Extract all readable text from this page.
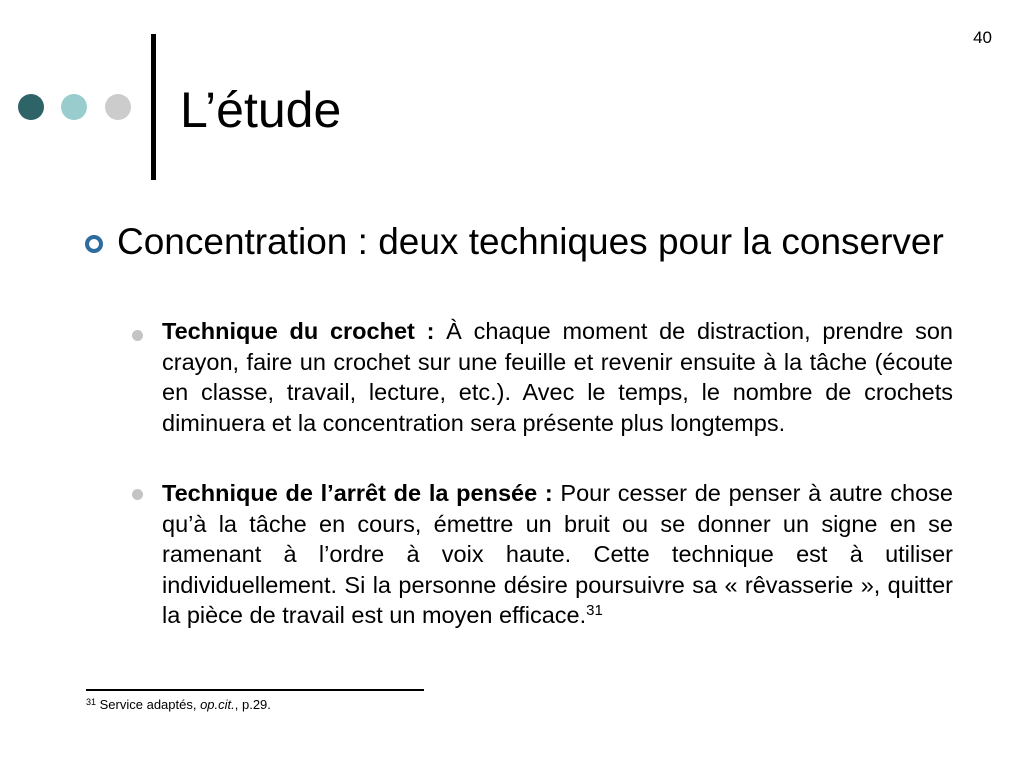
40
L’étude
Concentration : deux techniques pour la conserver
Technique du crochet : À chaque moment de distraction, prendre son crayon, faire un crochet sur une feuille et revenir ensuite à la tâche (écoute en classe, travail, lecture, etc.). Avec le temps, le nombre de crochets diminuera et la concentration sera présente plus longtemps.
Technique de l’arrêt de la pensée : Pour cesser de penser à autre chose qu’à la tâche en cours, émettre un bruit ou se donner un signe en se ramenant à l’ordre à voix haute. Cette technique est à utiliser individuellement. Si la personne désire poursuivre sa « rêvasserie », quitter la pièce de travail est un moyen efficace.$^{31}$
$^{31}$ Service adaptés, op.cit., p.29.
